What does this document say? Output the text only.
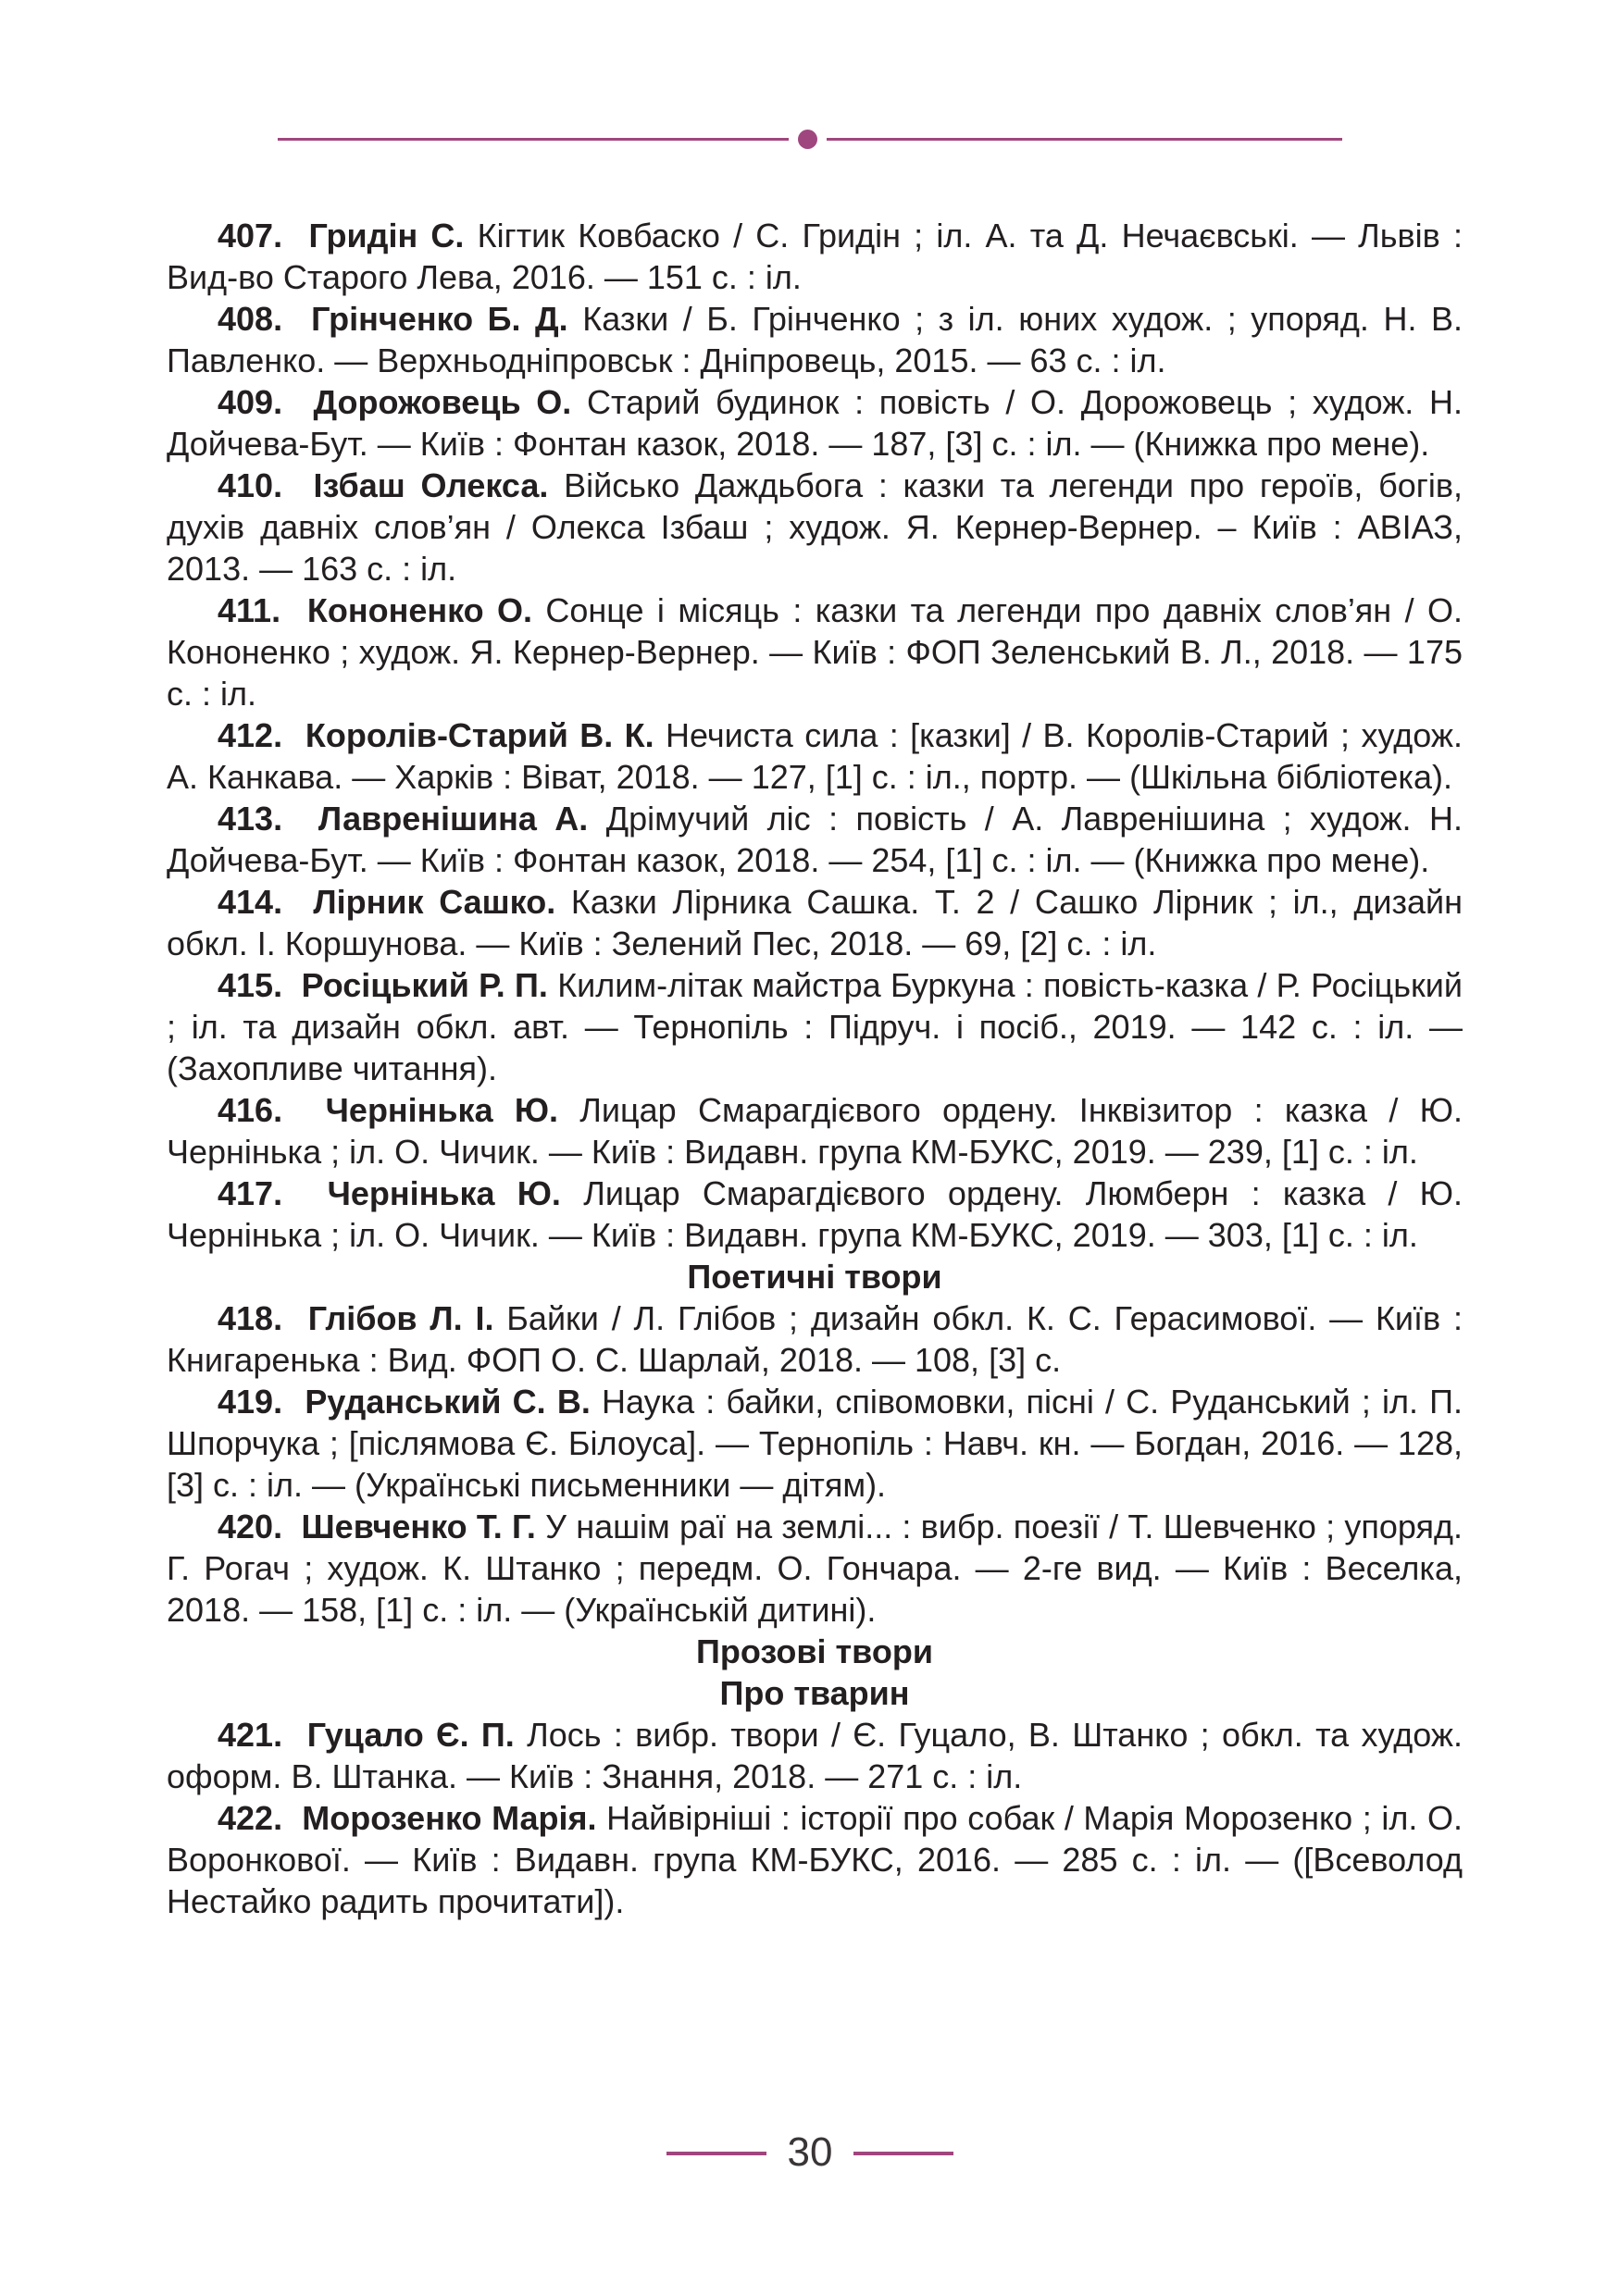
407. Гридін С. Кігтик Ковбаско / С. Гридін ; іл. А. та Д. Нечаєвські. — Львів : Вид-во Старого Лева, 2016. — 151 с. : іл.

408. Грінченко Б. Д. Казки / Б. Грінченко ; з іл. юних худож. ; упоряд. Н. В. Павленко. — Верхньодніпровськ : Дніпровець, 2015. — 63 с. : іл.

409. Дорожовець О. Старий будинок : повість / О. Дорожовець ; худож. Н. Дойчева-Бут. — Київ : Фонтан казок, 2018. — 187, [3] с. : іл. — (Книжка про мене).

410. Ізбаш Олекса. Військо Даждьбога : казки та легенди про героїв, богів, духів давніх слов’ян / Олекса Ізбаш ; худож. Я. Кернер-Вернер. – Київ : АВІАЗ, 2013. — 163 с. : іл.

411. Кононенко О. Сонце і місяць : казки та легенди про давніх слов’ян / О. Кононенко ; худож. Я. Кернер-Вернер. — Київ : ФОП Зеленський В. Л., 2018. — 175 с. : іл.

412. Королів-Старий В. К. Нечиста сила : [казки] / В. Королів-Старий ; худож. А. Канкава. — Харків : Віват, 2018. — 127, [1] с. : іл., портр. — (Шкільна бібліотека).

413. Лавренішина А. Дрімучий ліс : повість / А. Лавренішина ; худож. Н. Дойчева-Бут. — Київ : Фонтан казок, 2018. — 254, [1] с. : іл. — (Книжка про мене).

414. Лірник Сашко. Казки Лірника Сашка. Т. 2 / Сашко Лірник ; іл., дизайн обкл. І. Коршунова. — Київ : Зелений Пес, 2018. — 69, [2] с. : іл.

415. Росіцький Р. П. Килим-літак майстра Буркуна : повість-казка / Р. Росіцький ; іл. та дизайн обкл. авт. — Тернопіль : Підруч. і посіб., 2019. — 142 с. : іл. — (Захопливе читання).

416. Чернінька Ю. Лицар Смарагдієвого ордену. Інквізитор : казка / Ю. Чернінька ; іл. О. Чичик. — Київ : Видавн. група КМ-БУКС, 2019. — 239, [1] с. : іл.

417. Чернінька Ю. Лицар Смарагдієвого ордену. Люмберн : казка / Ю. Чернінька ; іл. О. Чичик. — Київ : Видавн. група КМ-БУКС, 2019. — 303, [1] с. : іл.

Поетичні твори

418. Глібов Л. І. Байки / Л. Глібов ; дизайн обкл. К. С. Герасимової. — Київ : Книгаренька : Вид. ФОП О. С. Шарлай, 2018. — 108, [3] с.

419. Руданський С. В. Наука : байки, співомовки, пісні / С. Руданський ; іл. П. Шпорчука ; [післямова Є. Білоуса]. — Тернопіль : Навч. кн. — Богдан, 2016. — 128, [3] с. : іл. — (Українські письменники — дітям).

420. Шевченко Т. Г. У нашім раї на землі... : вибр. поезії / Т. Шевченко ; упоряд. Г. Рогач ; худож. К. Штанко ; передм. О. Гончара. — 2-ге вид. — Київ : Веселка, 2018. — 158, [1] с. : іл. — (Українській дитині).

Прозові твори

Про тварин

421. Гуцало Є. П. Лось : вибр. твори / Є. Гуцало, В. Штанко ; обкл. та худож. оформ. В. Штанка. — Київ : Знання, 2018. — 271 с. : іл.

422. Морозенко Марія. Найвірніші : історії про собак / Марія Морозенко ; іл. О. Воронкової. — Київ : Видавн. група КМ-БУКС, 2016. — 285 с. : іл. — ([Всеволод Нестайко радить прочитати]).

30
